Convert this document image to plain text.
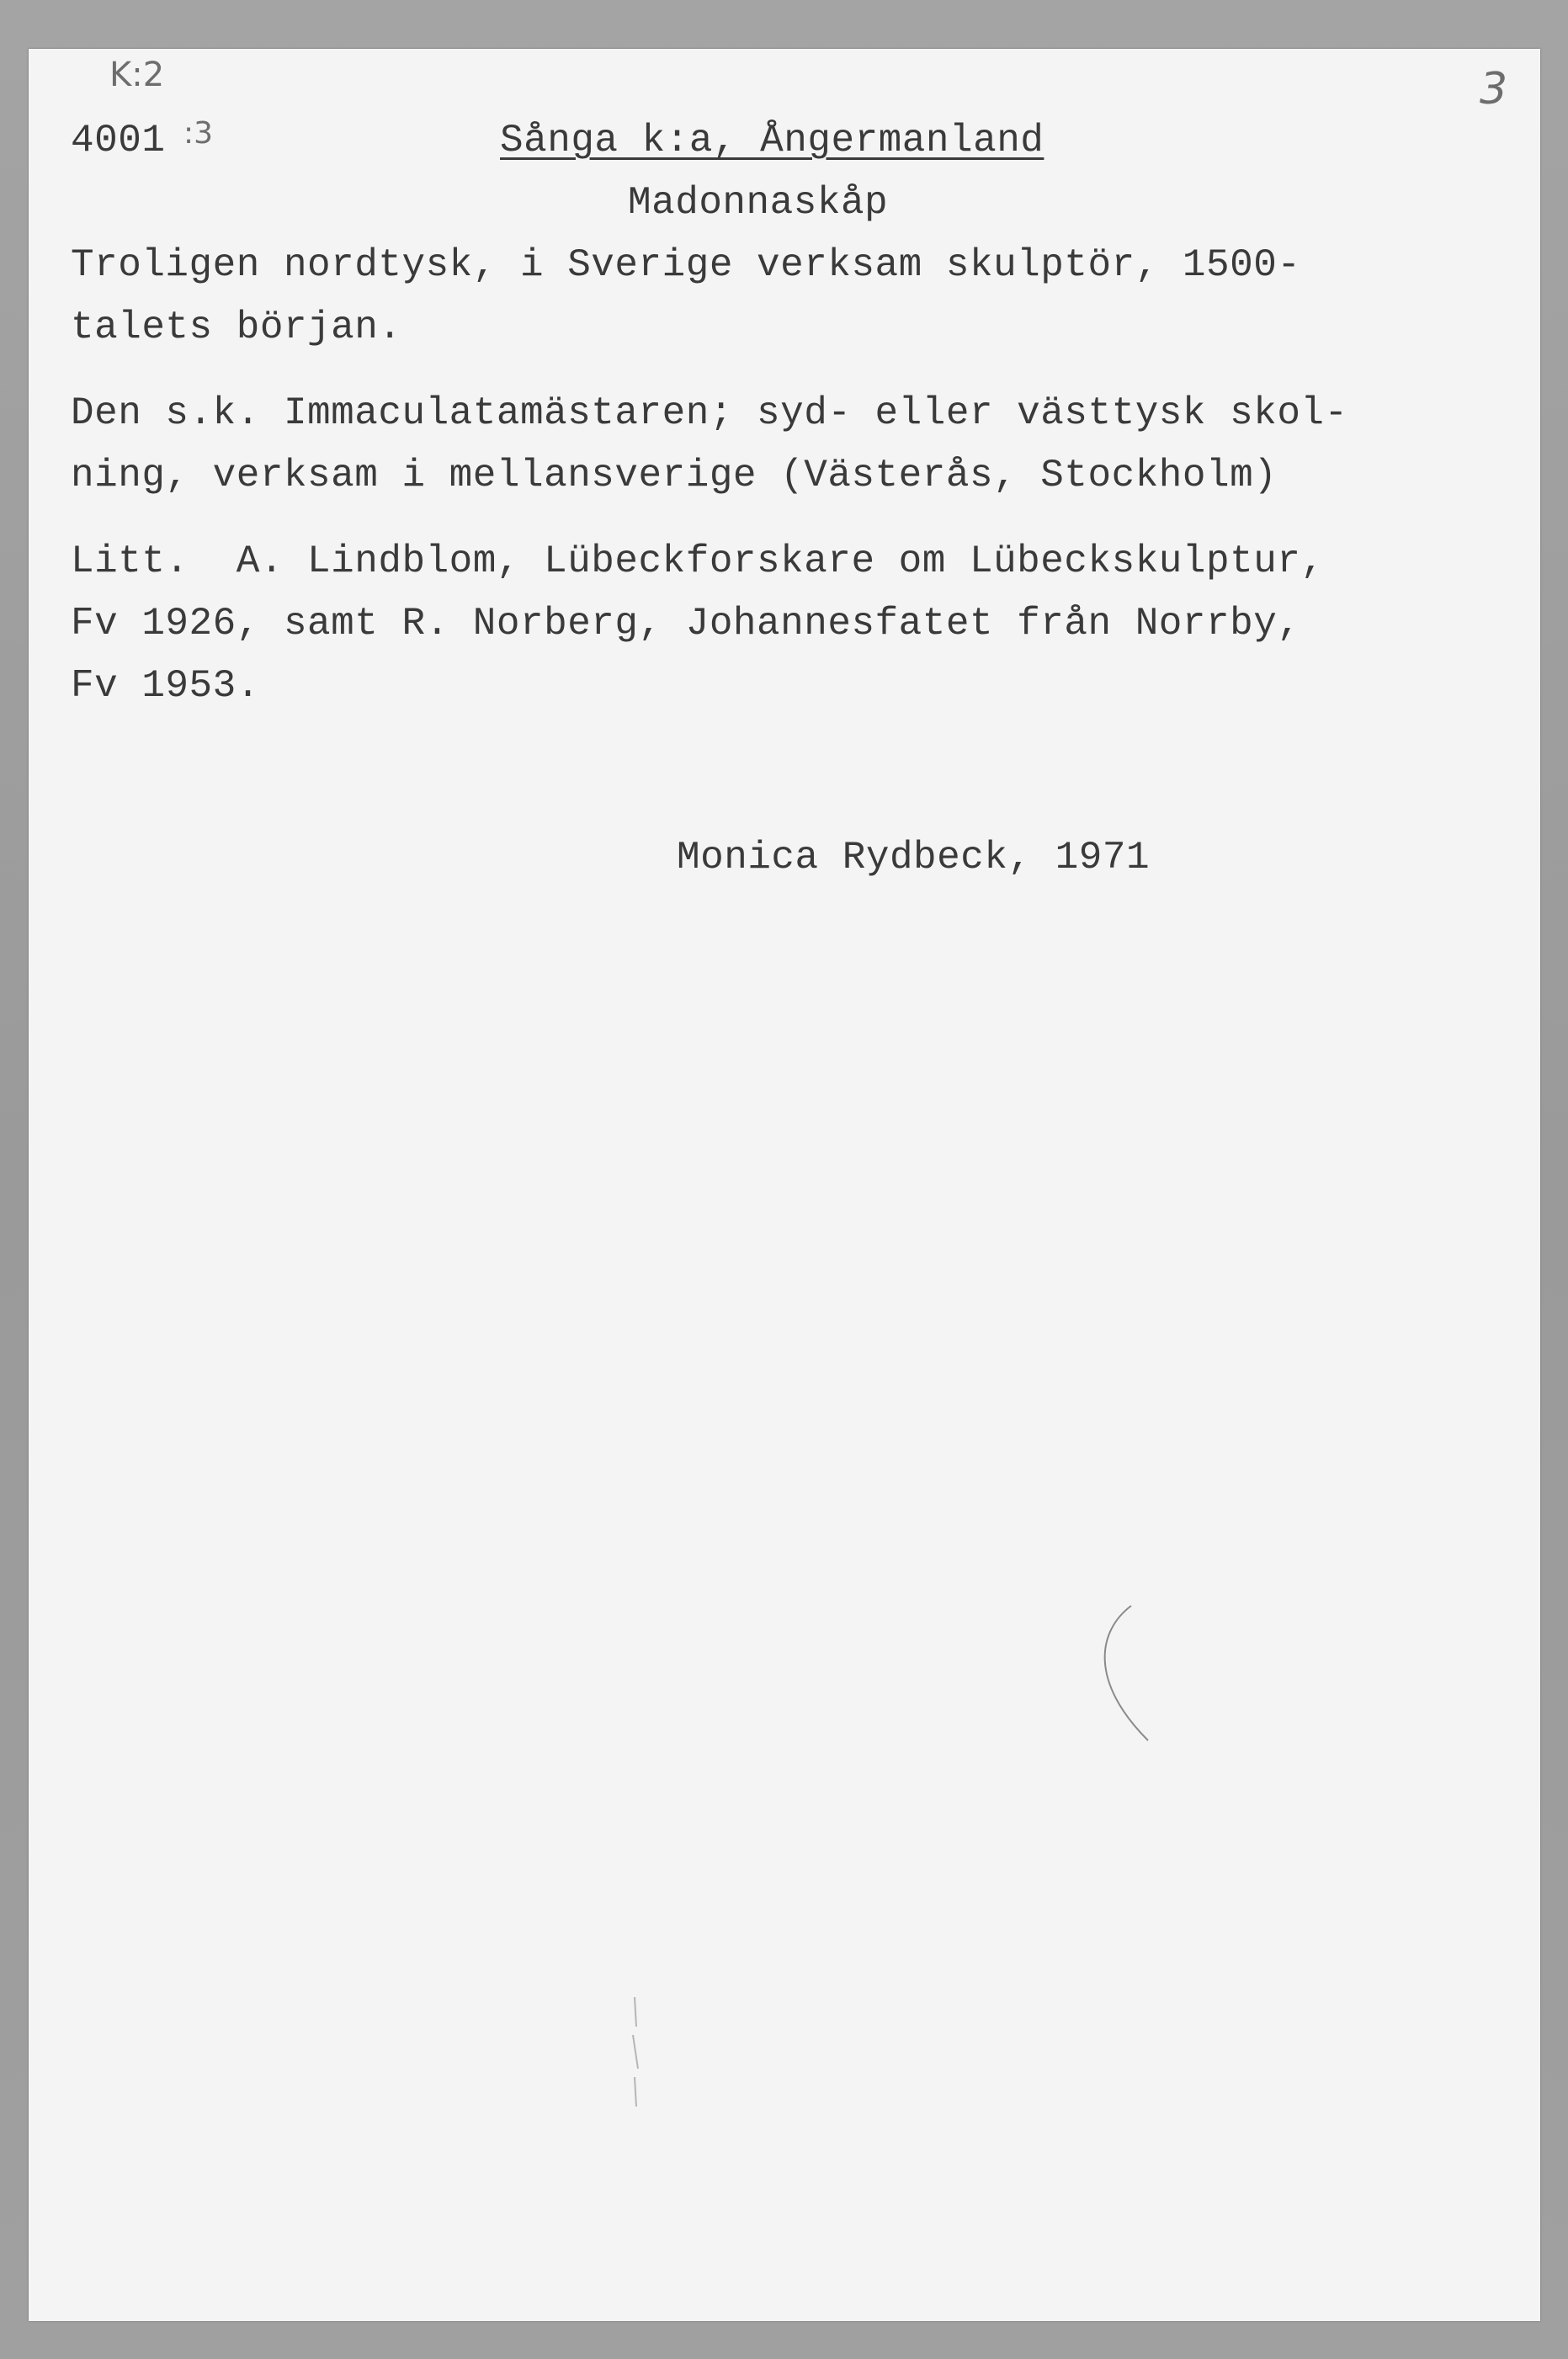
K:2	3
4001 :3	Sånga k:a, Ångermanland
Madonnaskåp
Troligen nordtysk, i Sverige verksam skulptör, 1500-
talets början.
Den s.k. Immaculatamästaren; syd- eller västtysk skol-
ning, verksam i mellansverige (Västerås, Stockholm)
Litt.  A. Lindblom, Lübeckforskare om Lübeckskulptur,
Fv 1926, samt R. Norberg, Johannesfatet från Norrby,
Fv 1953.
Monica Rydbeck, 1971
